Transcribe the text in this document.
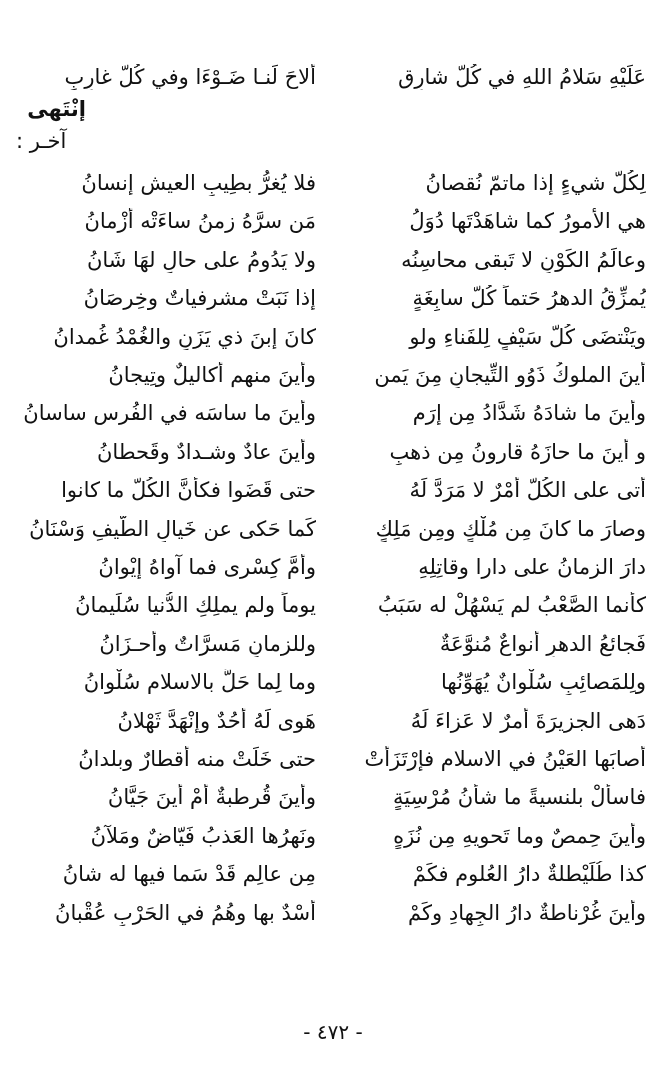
عَلَيْهِ سَلامُ اللهِ في كُلّ شارِقِ
أَلاحَ لَنـا ضَـوْءَا وفي كُلّ غارِبِ
إنْتَهى
آخـر :
لِكُلّ شيءٍ إذا ماتمّ نُقصانُ
فلا يُغرُّ بطِيبِ العيشِ إنسانُ
هي الأمورُ كما شاهَدْتَها دُوَلُ
مَن سرَّهُ زمنُ ساءَتْه أزْمانُ
وعالَمُ الكَوْنِ لا تَبقى محاسِنُه
ولا يَدُومُ على حالٍ لهَا شَانُ
يُمزِّقُ الدهرُ حَتماً كُلّ سابِغَةٍ
إذا نَبَتْ مشرفياتٌ وخِرصَانُ
ويَنْتضَى كُلّ سَيْفٍ لِلفَناءِ ولو
كانَ إبنَ ذي يَزَنٍ والغُمْدُ غُمدانُ
أينَ الملوكُ ذَوُو التِّيجانِ مِنَ يَمنٍ
وأينَ منهم أكاليلٌ وتِيجانُ
وأينَ ما شادَهُ شَدَّادُ مِن إرَمٍ
وأينَ ما ساسَه في الفُرسِ ساسانُ
و أينَ ما حازَهُ قارونُ مِن ذهبٍ
وأينَ عادٌ وشـدادٌ وقَحطانُ
أتى على الكُلّ أمْرٌ لا مَرَدَّ لَهُ
حتى قَضَوا فكأنَّ الكُلّ ما كانوا
وصارَ ما كانَ مِن مُلْكٍ ومِن مَلِكٍ
كَما حَكى عنِ خَيالِ الطَّيفِ وَسْنَانُ
دارَ الزمانُ على دارا وقاتِلِهِ
وأمَّ كِسْرى فما آواهُ إيْوانُ
كأنما الصَّعْبُ لم يَسْهُلْ له سَبَبُ
يوماً ولم يملِكِ الدُّنيا سُلَيمانُ
فَجائعُ الدهرِ أنواعٌ مُنوَّعَةٌ
وللزمانِ مَسرَّاتٌ وأحـزَانُ
ولِلمَصائِبِ سُلْوانٌ يُهَوِّنُها
وما لِما حَلَّ بالاسلامِ سُلْوانُ
دَهى الجزيرَةَ أمرٌ لا عَزاءَ لَهُ
هَوى لَهُ أُحُدٌ وإنْهَدَّ ثَهْلانُ
أصابَها العَيْنُ في الاسلامِ فإرْتَزَأَتْ
حتى خَلَتْ منه أقطارٌ وبلدانُ
فاسألْ بلنسيةً ما شأنُ مُرْسِيَةٍ
وأينَ قُرطبةٌ أمْ أينَ جَيَّانُ
وأينَ حِمصٌ وما تَحويهِ مِن نُزَهٍ
ونَهرُها العَذبُ فَيّاضٌ ومَلآنُ
كذا طُلَيْطلةٌ دارُ العُلومِ فكَمْ
مِن عالِمٍ قَدْ سَما فيها له شانُ
وأينَ غُرْناطةٌ دارُ الجِهادِ وكَمْ
أُسْدٌ بها وهُمُ في الحَرْبِ عُقْبانُ
- ٤٧٢ -
